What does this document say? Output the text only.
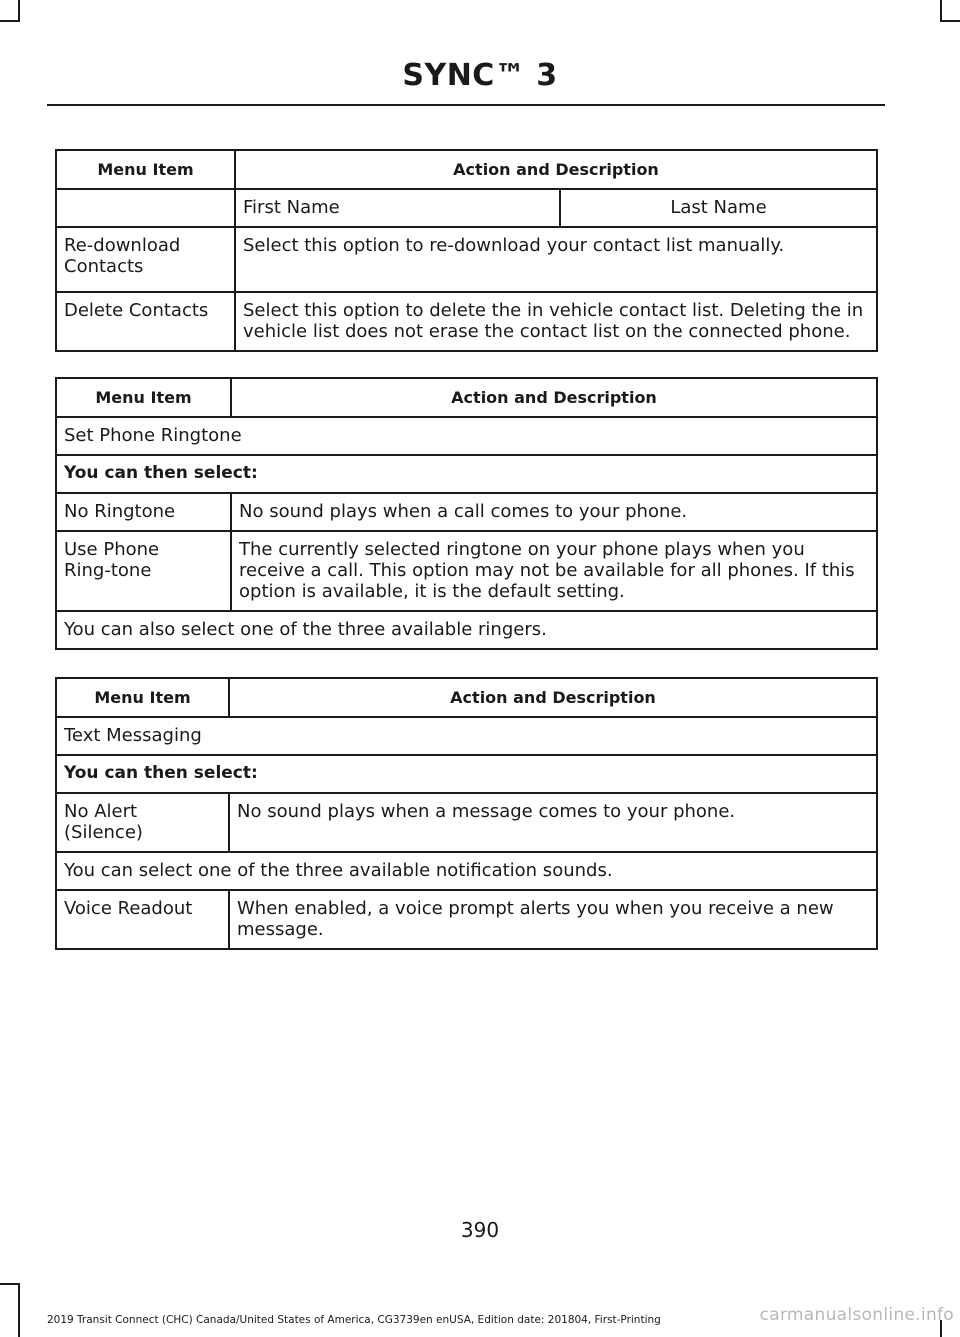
SYNC™ 3
Menu Item	Action and Description	
	First Name	Last Name
Re-download Contacts	Select this option to re-download your contact list manually.	
Delete Contacts	Select this option to delete the in vehicle contact list. Deleting the in vehicle list does not erase the contact list on the connected phone.	
Menu Item	Action and Description
Set Phone Ringtone	
You can then select:	
No Ringtone	No sound plays when a call comes to your phone.
Use Phone Ring-tone	The currently selected ringtone on your phone plays when you receive a call. This option may not be available for all phones. If this option is available, it is the default setting.
You can also select one of the three available ringers.	
Menu Item	Action and Description
Text Messaging	
You can then select:	
No Alert (Silence)	No sound plays when a message comes to your phone.
You can select one of the three available notification sounds.	
Voice Readout	When enabled, a voice prompt alerts you when you receive a new message.
390
2019 Transit Connect (CHC) Canada/United States of America, CG3739en enUSA, Edition date: 201804, First-Printing	carmanualsonline.info
